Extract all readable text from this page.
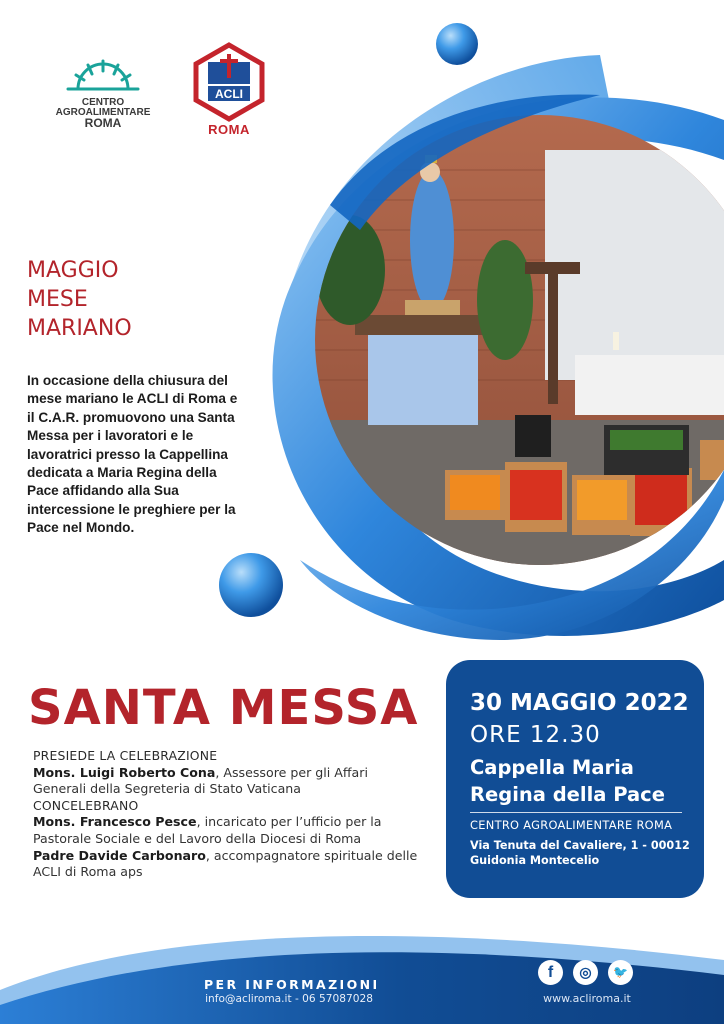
CENTRO
AGROALIMENTARE
ROMA
ACLI
ROMA
MAGGIO
MESE
MARIANO
In occasione della chiusura del mese mariano le ACLI di Roma e il C.A.R. promuovono una Santa Messa per i lavoratori e le lavoratrici presso la Cappellina dedicata a Maria Regina della Pace affidando alla Sua intercessione le preghiere per la Pace nel Mondo.
SANTA MESSA
PRESIEDE LA CELEBRAZIONE
Mons. Luigi Roberto Cona, Assessore per gli Affari Generali della Segreteria di Stato Vaticana
CONCELEBRANO
Mons. Francesco Pesce, incaricato per l’ufficio per la Pastorale Sociale e del Lavoro della Diocesi di Roma
Padre Davide Carbonaro, accompagnatore spirituale delle ACLI di Roma aps
30 MAGGIO 2022
ORE 12.30
Cappella Maria Regina della Pace
CENTRO AGROALIMENTARE ROMA
Via Tenuta del Cavaliere, 1 - 00012 Guidonia Montecelio
PER INFORMAZIONI
info@acliroma.it - 06 57087028
f	◎	🐦
www.acliroma.it
